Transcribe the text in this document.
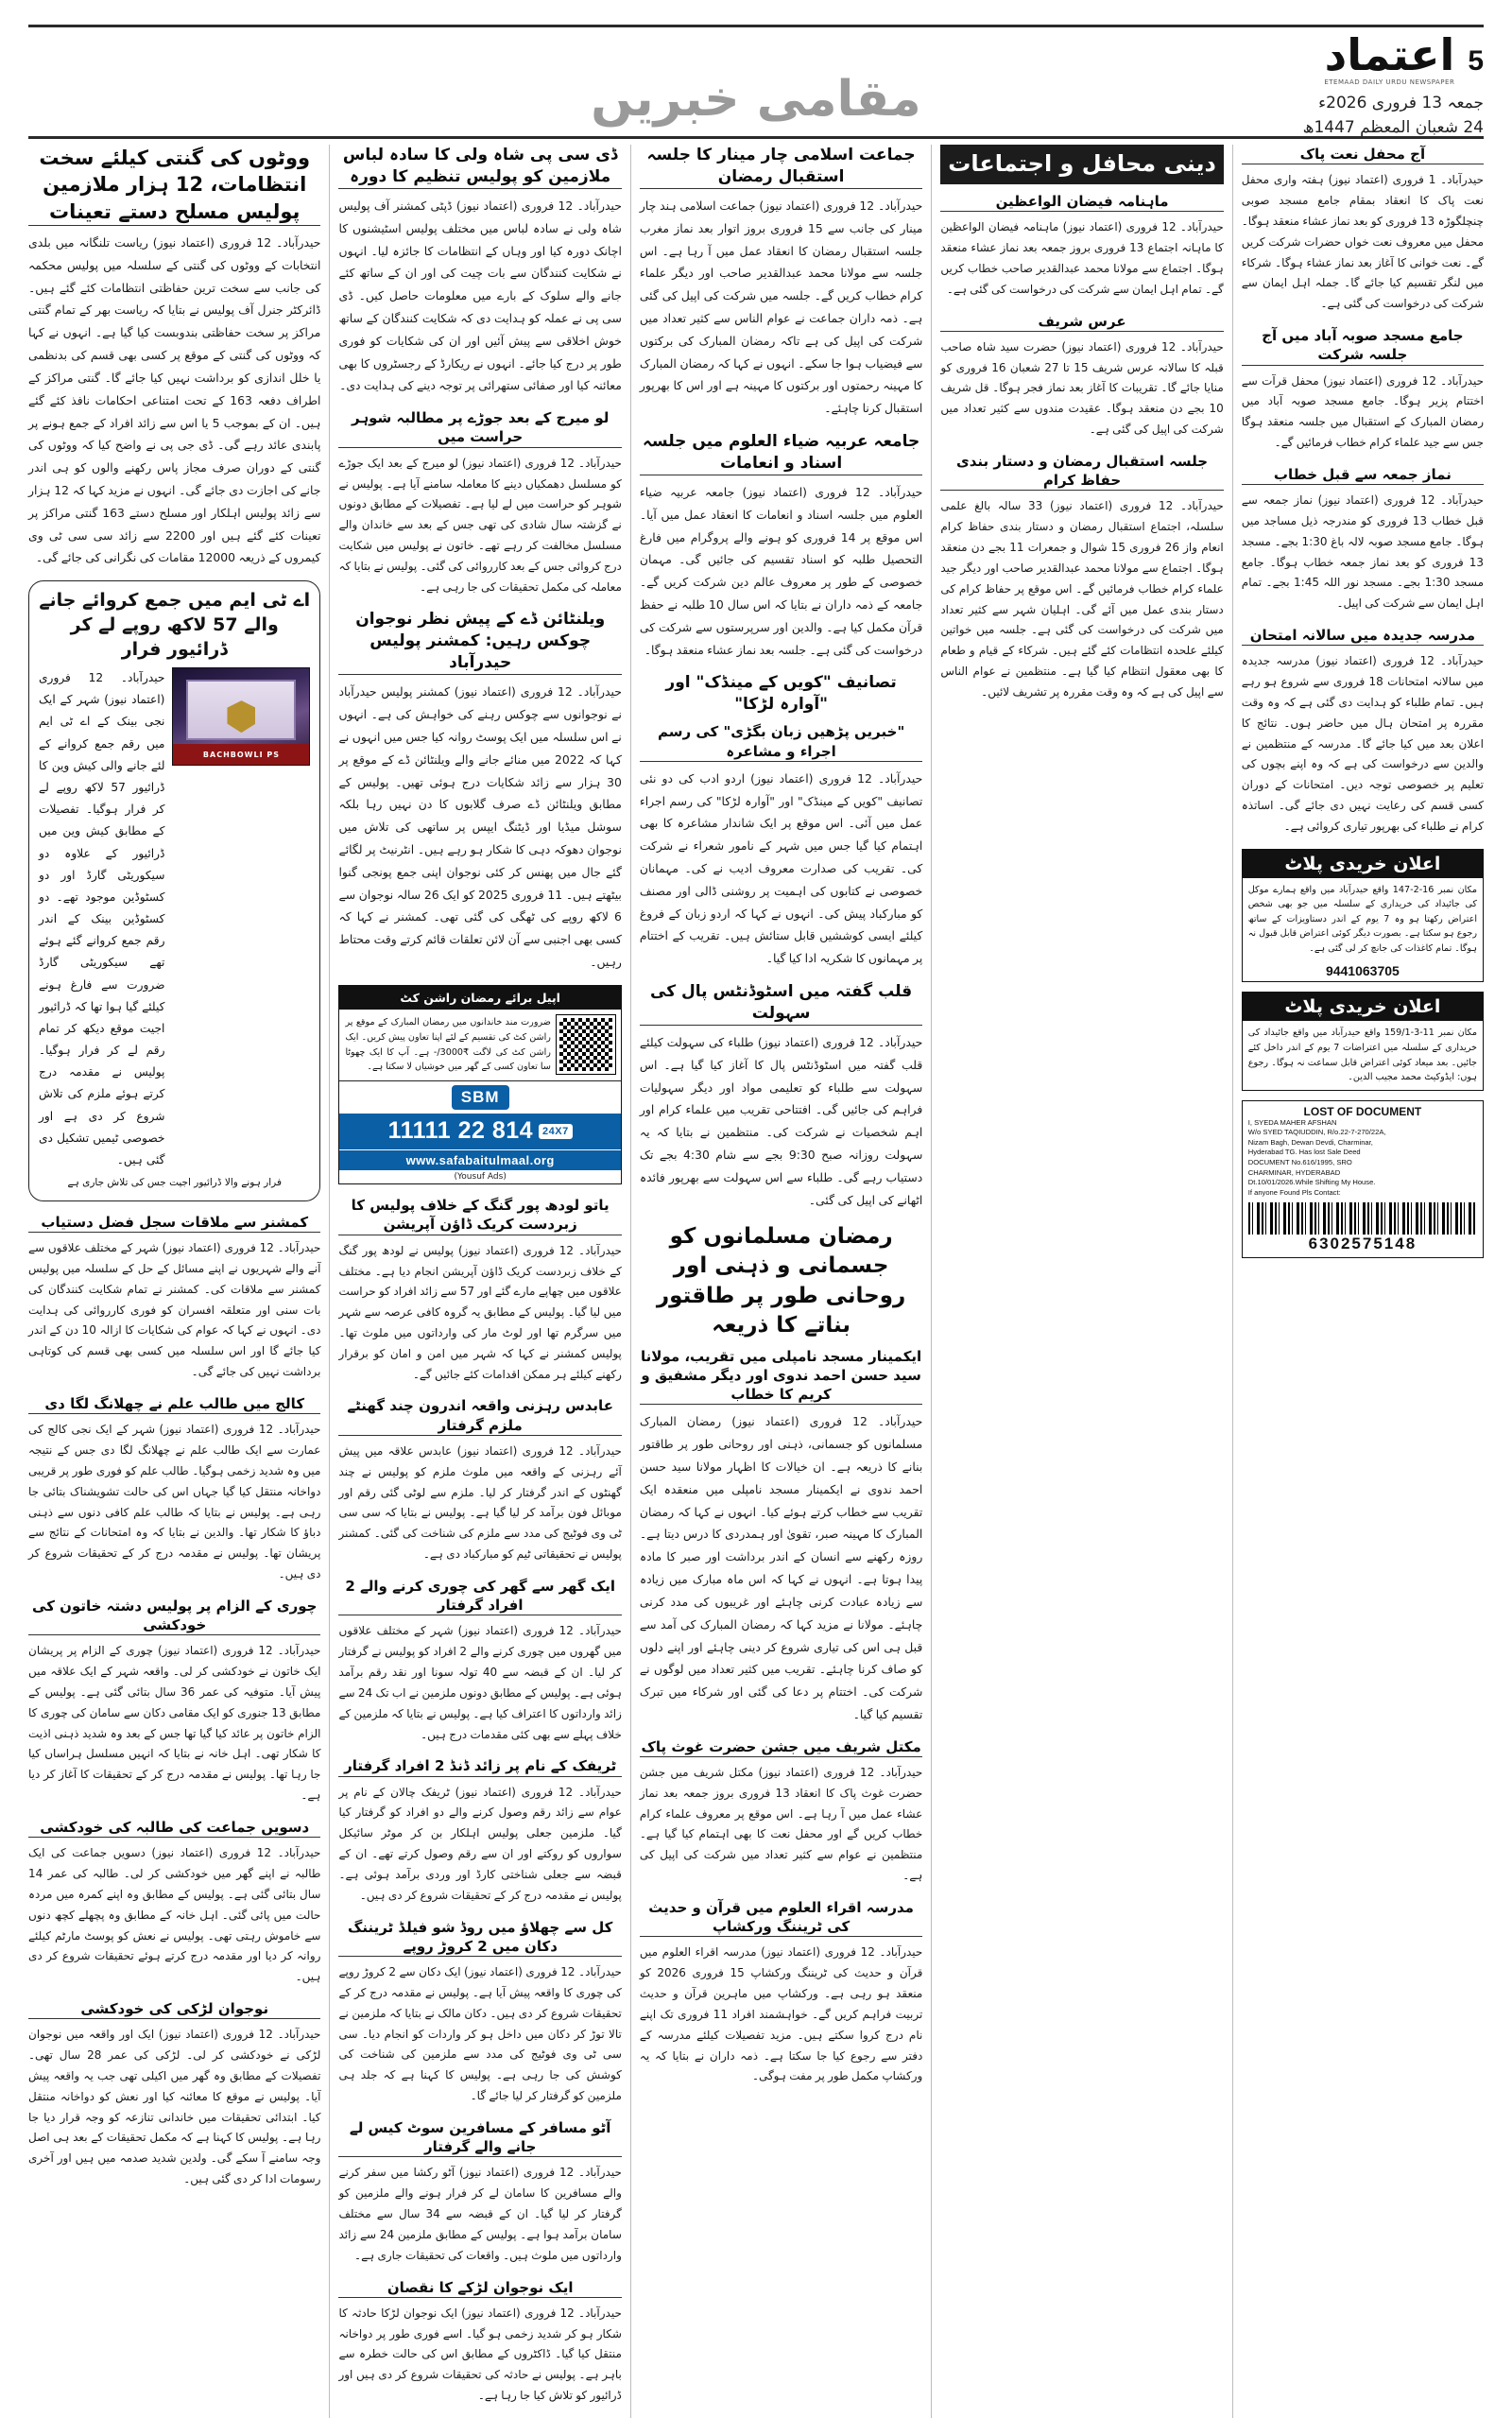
5
اعتماد
ETEMAAD DAILY URDU NEWSPAPER
جمعہ 13 فروری 2026ء
24 شعبان المعظم 1447ھ
مقامی خبریں
آج محفل نعت پاک
حیدرآباد۔ 1 فروری (اعتماد نیوز) ہفتہ واری محفل نعت پاک کا انعقاد بمقام جامع مسجد صوبی چنچلگوڑہ 13 فروری کو بعد نماز عشاء منعقد ہوگا۔ محفل میں معروف نعت خواں حضرات شرکت کریں گے۔ نعت خوانی کا آغاز بعد نماز عشاء ہوگا۔ شرکاء میں لنگر تقسیم کیا جائے گا۔ جملہ اہل ایمان سے شرکت کی درخواست کی گئی ہے۔
جامع مسجد صوبہ آباد میں آج جلسہ شرکت
حیدرآباد۔ 12 فروری (اعتماد نیوز) محفل قرآت سے اختتام پزیر ہوگا۔ جامع مسجد صوبہ آباد میں رمضان المبارک کے استقبال میں جلسہ منعقد ہوگا جس سے جید علماء کرام خطاب فرمائیں گے۔
نماز جمعہ سے قبل خطاب
حیدرآباد۔ 12 فروری (اعتماد نیوز) نماز جمعہ سے قبل خطاب 13 فروری کو مندرجہ ذیل مساجد میں ہوگا۔ جامع مسجد صوبہ لالہ باغ 1:30 بجے۔ مسجد 13 فروری کو بعد نماز جمعہ خطاب ہوگا۔ جامع مسجد 1:30 بجے۔ مسجد نور اللہ 1:45 بجے۔ تمام اہل ایمان سے شرکت کی اپیل۔
مدرسہ جدیدہ میں سالانہ امتحان
حیدرآباد۔ 12 فروری (اعتماد نیوز) مدرسہ جدیدہ میں سالانہ امتحانات 18 فروری سے شروع ہو رہے ہیں۔ تمام طلباء کو ہدایت دی گئی ہے کہ وہ وقت مقررہ پر امتحان ہال میں حاضر ہوں۔ نتائج کا اعلان بعد میں کیا جائے گا۔ مدرسہ کے منتظمین نے والدین سے درخواست کی ہے کہ وہ اپنے بچوں کی تعلیم پر خصوصی توجہ دیں۔ امتحانات کے دوران کسی قسم کی رعایت نہیں دی جائے گی۔ اساتذہ کرام نے طلباء کی بھرپور تیاری کروائی ہے۔
اعلان خریدی پلاٹ
مکان نمبر 16-2-147 واقع حیدرآباد میں واقع ہمارے موکل کی جائیداد کی خریداری کے سلسلہ میں جو بھی شخص اعتراض رکھتا ہو وہ 7 یوم کے اندر دستاویزات کے ساتھ رجوع ہو سکتا ہے۔ بصورت دیگر کوئی اعتراض قابل قبول نہ ہوگا۔ تمام کاغذات کی جانچ کر لی گئی ہے۔
9441063705
اعلان خریدی پلاٹ
مکان نمبر 11-3-159/1 واقع حیدرآباد میں واقع جائیداد کی خریداری کے سلسلہ میں اعتراضات 7 یوم کے اندر داخل کئے جائیں۔ بعد میعاد کوئی اعتراض قابل سماعت نہ ہوگا۔ رجوع ہوں: ایڈوکیٹ محمد مجیب الدین۔
LOST OF DOCUMENT
I, SYEDA MAHER AFSHAN
W/o SYED TAQIUDDIN, R/o.22-7-270/22A,
Nizam Bagh, Dewan Devdi, Charminar,
Hyderabad TG. Has lost Sale Deed
DOCUMENT No.616/1995, SRO
CHARMINAR, HYDERABAD
Dt.10/01/2026.While Shifting My House.
If anyone Found Pls Contact:
6302575148
دینی محافل و اجتماعات
ماہنامہ فیضان الواعظین
حیدرآباد۔ 12 فروری (اعتماد نیوز) ماہنامہ فیضان الواعظین کا ماہانہ اجتماع 13 فروری بروز جمعہ بعد نماز عشاء منعقد ہوگا۔ اجتماع سے مولانا محمد عبدالقدیر صاحب خطاب کریں گے۔ تمام اہل ایمان سے شرکت کی درخواست کی گئی ہے۔
عرس شریف
حیدرآباد۔ 12 فروری (اعتماد نیوز) حضرت سید شاہ صاحب قبلہ کا سالانہ عرس شریف 15 تا 27 شعبان 16 فروری کو منایا جائے گا۔ تقریبات کا آغاز بعد نماز فجر ہوگا۔ قل شریف 10 بجے دن منعقد ہوگا۔ عقیدت مندوں سے کثیر تعداد میں شرکت کی اپیل کی گئی ہے۔
جلسہ استقبال رمضان و دستار بندی حفاظ کرام
حیدرآباد۔ 12 فروری (اعتماد نیوز) 33 سالہ بالغ علمی سلسلہ، اجتماع استقبال رمضان و دستار بندی حفاظ کرام انعام واز 26 فروری 15 شوال و جمعرات 11 بجے دن منعقد ہوگا۔ اجتماع سے مولانا محمد عبدالقدیر صاحب اور دیگر جید علماء کرام خطاب فرمائیں گے۔ اس موقع پر حفاظ کرام کی دستار بندی عمل میں آئے گی۔ اہلیان شہر سے کثیر تعداد میں شرکت کی درخواست کی گئی ہے۔ جلسہ میں خواتین کیلئے علحدہ انتظامات کئے گئے ہیں۔ شرکاء کے قیام و طعام کا بھی معقول انتظام کیا گیا ہے۔ منتظمین نے عوام الناس سے اپیل کی ہے کہ وہ وقت مقررہ پر تشریف لائیں۔
جماعت اسلامی چار مینار کا جلسہ استقبال رمضان
حیدرآباد۔ 12 فروری (اعتماد نیوز) جماعت اسلامی ہند چار مینار کی جانب سے 15 فروری بروز اتوار بعد نماز مغرب جلسہ استقبال رمضان کا انعقاد عمل میں آ رہا ہے۔ اس جلسہ سے مولانا محمد عبدالقدیر صاحب اور دیگر علماء کرام خطاب کریں گے۔ جلسہ میں شرکت کی اپیل کی گئی ہے۔ ذمہ داران جماعت نے عوام الناس سے کثیر تعداد میں شرکت کی اپیل کی ہے تاکہ رمضان المبارک کی برکتوں سے فیضیاب ہوا جا سکے۔ انہوں نے کہا کہ رمضان المبارک کا مہینہ رحمتوں اور برکتوں کا مہینہ ہے اور اس کا بھرپور استقبال کرنا چاہئے۔
جامعہ عربیہ ضیاء العلوم میں جلسہ اسناد و انعامات
حیدرآباد۔ 12 فروری (اعتماد نیوز) جامعہ عربیہ ضیاء العلوم میں جلسہ اسناد و انعامات کا انعقاد عمل میں آیا۔ اس موقع پر 14 فروری کو ہونے والے پروگرام میں فارغ التحصیل طلبہ کو اسناد تقسیم کی جائیں گی۔ مہمان خصوصی کے طور پر معروف عالم دین شرکت کریں گے۔ جامعہ کے ذمہ داران نے بتایا کہ اس سال 10 طلبہ نے حفظ قرآن مکمل کیا ہے۔ والدین اور سرپرستوں سے شرکت کی درخواست کی گئی ہے۔ جلسہ بعد نماز عشاء منعقد ہوگا۔
تصانیف "کویں کے مینڈک" اور "آوارہ لڑکا"
"خبریں پڑھیں زبان بگڑی" کی رسم اجراء و مشاعرہ
حیدرآباد۔ 12 فروری (اعتماد نیوز) اردو ادب کی دو نئی تصانیف "کویں کے مینڈک" اور "آوارہ لڑکا" کی رسم اجراء عمل میں آئی۔ اس موقع پر ایک شاندار مشاعرہ کا بھی اہتمام کیا گیا جس میں شہر کے نامور شعراء نے شرکت کی۔ تقریب کی صدارت معروف ادیب نے کی۔ مہمانان خصوصی نے کتابوں کی اہمیت پر روشنی ڈالی اور مصنف کو مبارکباد پیش کی۔ انہوں نے کہا کہ اردو زبان کے فروغ کیلئے ایسی کوششیں قابل ستائش ہیں۔ تقریب کے اختتام پر مہمانوں کا شکریہ ادا کیا گیا۔
قلب گفتہ میں اسٹوڈنٹس پال کی سہولت
حیدرآباد۔ 12 فروری (اعتماد نیوز) طلباء کی سہولت کیلئے قلب گفتہ میں اسٹوڈنٹس پال کا آغاز کیا گیا ہے۔ اس سہولت سے طلباء کو تعلیمی مواد اور دیگر سہولیات فراہم کی جائیں گی۔ افتتاحی تقریب میں علماء کرام اور اہم شخصیات نے شرکت کی۔ منتظمین نے بتایا کہ یہ سہولت روزانہ صبح 9:30 بجے سے شام 4:30 بجے تک دستیاب رہے گی۔ طلباء سے اس سہولت سے بھرپور فائدہ اٹھانے کی اپیل کی گئی۔
رمضان مسلمانوں کو جسمانی و ذہنی اور روحانی طور پر طاقتور بناتے کا ذریعہ
ایکمینار مسجد نامپلی میں تقریب، مولانا سید حسن احمد ندوی اور دیگر مشفیق و کریم کا خطاب
حیدرآباد۔ 12 فروری (اعتماد نیوز) رمضان المبارک مسلمانوں کو جسمانی، ذہنی اور روحانی طور پر طاقتور بنانے کا ذریعہ ہے۔ ان خیالات کا اظہار مولانا سید حسن احمد ندوی نے ایکمینار مسجد نامپلی میں منعقدہ ایک تقریب سے خطاب کرتے ہوئے کیا۔ انہوں نے کہا کہ رمضان المبارک کا مہینہ صبر، تقویٰ اور ہمدردی کا درس دیتا ہے۔ روزہ رکھنے سے انسان کے اندر برداشت اور صبر کا مادہ پیدا ہوتا ہے۔ انہوں نے کہا کہ اس ماہ مبارک میں زیادہ سے زیادہ عبادت کرنی چاہئے اور غریبوں کی مدد کرنی چاہئے۔ مولانا نے مزید کہا کہ رمضان المبارک کی آمد سے قبل ہی اس کی تیاری شروع کر دینی چاہئے اور اپنے دلوں کو صاف کرنا چاہئے۔ تقریب میں کثیر تعداد میں لوگوں نے شرکت کی۔ اختتام پر دعا کی گئی اور شرکاء میں تبرک تقسیم کیا گیا۔
مکتل شریف میں جشن حضرت غوث پاک
حیدرآباد۔ 12 فروری (اعتماد نیوز) مکتل شریف میں جشن حضرت غوث پاک کا انعقاد 13 فروری بروز جمعہ بعد نماز عشاء عمل میں آ رہا ہے۔ اس موقع پر معروف علماء کرام خطاب کریں گے اور محفل نعت کا بھی اہتمام کیا گیا ہے۔ منتظمین نے عوام سے کثیر تعداد میں شرکت کی اپیل کی ہے۔
مدرسہ اقراء العلوم میں قرآن و حدیث کی ٹریننگ ورکشاپ
حیدرآباد۔ 12 فروری (اعتماد نیوز) مدرسہ اقراء العلوم میں قرآن و حدیث کی ٹریننگ ورکشاپ 15 فروری 2026 کو منعقد ہو رہی ہے۔ ورکشاپ میں ماہرین قرآن و حدیث تربیت فراہم کریں گے۔ خواہشمند افراد 11 فروری تک اپنے نام درج کروا سکتے ہیں۔ مزید تفصیلات کیلئے مدرسہ کے دفتر سے رجوع کیا جا سکتا ہے۔ ذمہ داران نے بتایا کہ یہ ورکشاپ مکمل طور پر مفت ہوگی۔
ڈی سی پی شاہ ولی کا سادہ لباس ملازمین کو پولیس تنظیم کا دورہ
حیدرآباد۔ 12 فروری (اعتماد نیوز) ڈپٹی کمشنر آف پولیس شاہ ولی نے سادہ لباس میں مختلف پولیس اسٹیشنوں کا اچانک دورہ کیا اور وہاں کے انتظامات کا جائزہ لیا۔ انہوں نے شکایت کنندگان سے بات چیت کی اور ان کے ساتھ کئے جانے والے سلوک کے بارے میں معلومات حاصل کیں۔ ڈی سی پی نے عملہ کو ہدایت دی کہ شکایت کنندگان کے ساتھ خوش اخلاقی سے پیش آئیں اور ان کی شکایات کو فوری طور پر درج کیا جائے۔ انہوں نے ریکارڈ کے رجسٹروں کا بھی معائنہ کیا اور صفائی ستھرائی پر توجہ دینے کی ہدایت دی۔
لو میرج کے بعد جوڑے پر مطالبہ شوہر حراست میں
حیدرآباد۔ 12 فروری (اعتماد نیوز) لو میرج کے بعد ایک جوڑے کو مسلسل دھمکیاں دینے کا معاملہ سامنے آیا ہے۔ پولیس نے شوہر کو حراست میں لے لیا ہے۔ تفصیلات کے مطابق دونوں نے گزشتہ سال شادی کی تھی جس کے بعد سے خاندان والے مسلسل مخالفت کر رہے تھے۔ خاتون نے پولیس میں شکایت درج کروائی جس کے بعد کارروائی کی گئی۔ پولیس نے بتایا کہ معاملہ کی مکمل تحقیقات کی جا رہی ہے۔
ویلنٹائن ڈے کے پیش نظر نوجوان چوکس رہیں: کمشنر پولیس حیدرآباد
حیدرآباد۔ 12 فروری (اعتماد نیوز) کمشنر پولیس حیدرآباد نے نوجوانوں سے چوکس رہنے کی خواہش کی ہے۔ انہوں نے اس سلسلہ میں ایک پوسٹ روانہ کیا جس میں انہوں نے کہا کہ 2022 میں منائے جانے والے ویلنٹائن ڈے کے موقع پر 30 ہزار سے زائد شکایات درج ہوئی تھیں۔ پولیس کے مطابق ویلنٹائن ڈے صرف گلابوں کا دن نہیں رہا بلکہ سوشل میڈیا اور ڈیٹنگ ایپس پر ساتھی کی تلاش میں نوجوان دھوکہ دہی کا شکار ہو رہے ہیں۔ انٹرنیٹ پر لگائے گئے جال میں پھنس کر کئی نوجوان اپنی جمع پونجی گنوا بیٹھتے ہیں۔ 11 فروری 2025 کو ایک 26 سالہ نوجوان سے 6 لاکھ روپے کی ٹھگی کی گئی تھی۔ کمشنر نے کہا کہ کسی بھی اجنبی سے آن لائن تعلقات قائم کرتے وقت محتاط رہیں۔
اپیل برائے رمضان راشن کٹ
ضرورت مند خاندانوں میں رمضان المبارک کے موقع پر راشن کٹ کی تقسیم کے لئے اپنا تعاون پیش کریں۔ ایک راشن کٹ کی لاگت ₹3000/- ہے۔ آپ کا ایک چھوٹا سا تعاون کسی کے گھر میں خوشیاں لا سکتا ہے۔
SBM
24X7
814 22 11111
www.safabaitulmaal.org
(Yousuf Ads)
یاتو لودھ پور گنگ کے خلاف پولیس کا زبردست کریک ڈاؤن آپریشن
حیدرآباد۔ 12 فروری (اعتماد نیوز) پولیس نے لودھ پور گنگ کے خلاف زبردست کریک ڈاؤن آپریشن انجام دیا ہے۔ مختلف علاقوں میں چھاپے مارے گئے اور 57 سے زائد افراد کو حراست میں لیا گیا۔ پولیس کے مطابق یہ گروہ کافی عرصہ سے شہر میں سرگرم تھا اور لوٹ مار کی وارداتوں میں ملوث تھا۔ پولیس کمشنر نے کہا کہ شہر میں امن و امان کو برقرار رکھنے کیلئے ہر ممکن اقدامات کئے جائیں گے۔
عابدس رہزنی واقعہ اندرون چند گھنٹے ملزم گرفتار
حیدرآباد۔ 12 فروری (اعتماد نیوز) عابدس علاقہ میں پیش آئے رہزنی کے واقعہ میں ملوث ملزم کو پولیس نے چند گھنٹوں کے اندر گرفتار کر لیا۔ ملزم سے لوٹی گئی رقم اور موبائل فون برآمد کر لیا گیا ہے۔ پولیس نے بتایا کہ سی سی ٹی وی فوٹیج کی مدد سے ملزم کی شناخت کی گئی۔ کمشنر پولیس نے تحقیقاتی ٹیم کو مبارکباد دی ہے۔
ایک گھر سے گھر کی چوری کرنے والے 2 افراد گرفتار
حیدرآباد۔ 12 فروری (اعتماد نیوز) شہر کے مختلف علاقوں میں گھروں میں چوری کرنے والے 2 افراد کو پولیس نے گرفتار کر لیا۔ ان کے قبضہ سے 40 تولہ سونا اور نقد رقم برآمد ہوئی ہے۔ پولیس کے مطابق دونوں ملزمین نے اب تک 24 سے زائد وارداتوں کا اعتراف کیا ہے۔ پولیس نے بتایا کہ ملزمین کے خلاف پہلے سے بھی کئی مقدمات درج ہیں۔
ٹریفک کے نام پر زائد ڈنڈ 2 افراد گرفتار
حیدرآباد۔ 12 فروری (اعتماد نیوز) ٹریفک چالان کے نام پر عوام سے زائد رقم وصول کرنے والے دو افراد کو گرفتار کیا گیا۔ ملزمین جعلی پولیس اہلکار بن کر موٹر سائیکل سواروں کو روکتے اور ان سے رقم وصول کرتے تھے۔ ان کے قبضہ سے جعلی شناختی کارڈ اور وردی برآمد ہوئی ہے۔ پولیس نے مقدمہ درج کر کے تحقیقات شروع کر دی ہیں۔
کل سے چھلاؤ میں روڈ شو فیلڈ ٹریننگ دکان میں 2 کروڑ روپے
حیدرآباد۔ 12 فروری (اعتماد نیوز) ایک دکان سے 2 کروڑ روپے کی چوری کا واقعہ پیش آیا ہے۔ پولیس نے مقدمہ درج کر کے تحقیقات شروع کر دی ہیں۔ دکان مالک نے بتایا کہ ملزمین نے تالا توڑ کر دکان میں داخل ہو کر واردات کو انجام دیا۔ سی سی ٹی وی فوٹیج کی مدد سے ملزمین کی شناخت کی کوشش کی جا رہی ہے۔ پولیس کا کہنا ہے کہ جلد ہی ملزمین کو گرفتار کر لیا جائے گا۔
آٹو مسافر کے مسافرین سوٹ کیس لے جانے والے گرفتار
حیدرآباد۔ 12 فروری (اعتماد نیوز) آٹو رکشا میں سفر کرنے والے مسافرین کا سامان لے کر فرار ہونے والے ملزمین کو گرفتار کر لیا گیا۔ ان کے قبضہ سے 34 سال سے مختلف سامان برآمد ہوا ہے۔ پولیس کے مطابق ملزمین 24 سے زائد وارداتوں میں ملوث ہیں۔ واقعات کی تحقیقات جاری ہے۔
ایک نوجوان لڑکے کا نقصان
حیدرآباد۔ 12 فروری (اعتماد نیوز) ایک نوجوان لڑکا حادثہ کا شکار ہو کر شدید زخمی ہو گیا۔ اسے فوری طور پر دواخانہ منتقل کیا گیا۔ ڈاکٹروں کے مطابق اس کی حالت خطرہ سے باہر ہے۔ پولیس نے حادثہ کی تحقیقات شروع کر دی ہیں اور ڈرائیور کو تلاش کیا جا رہا ہے۔
ووٹوں کی گنتی کیلئے سخت انتظامات، 12 ہزار ملازمین پولیس مسلح دستے تعینات
حیدرآباد۔ 12 فروری (اعتماد نیوز) ریاست تلنگانہ میں بلدی انتخابات کے ووٹوں کی گنتی کے سلسلہ میں پولیس محکمہ کی جانب سے سخت ترین حفاظتی انتظامات کئے گئے ہیں۔ ڈائرکٹر جنرل آف پولیس نے بتایا کہ ریاست بھر کے تمام گنتی مراکز پر سخت حفاظتی بندوبست کیا گیا ہے۔ انہوں نے کہا کہ ووٹوں کی گنتی کے موقع پر کسی بھی قسم کی بدنظمی یا خلل اندازی کو برداشت نہیں کیا جائے گا۔ گنتی مراکز کے اطراف دفعہ 163 کے تحت امتناعی احکامات نافذ کئے گئے ہیں۔ ان کے بموجب 5 یا اس سے زائد افراد کے جمع ہونے پر پابندی عائد رہے گی۔ ڈی جی پی نے واضح کیا کہ ووٹوں کی گنتی کے دوران صرف مجاز پاس رکھنے والوں کو ہی اندر جانے کی اجازت دی جائے گی۔ انہوں نے مزید کہا کہ 12 ہزار سے زائد پولیس اہلکار اور مسلح دستے 163 گنتی مراکز پر تعینات کئے گئے ہیں اور 2200 سے زائد سی سی ٹی وی کیمروں کے ذریعہ 12000 مقامات کی نگرانی کی جائے گی۔
اے ٹی ایم میں جمع کروائے جانے والے 57 لاکھ روپے لے کر ڈرائیور فرار
BACHBOWLI PS
حیدرآباد۔ 12 فروری (اعتماد نیوز) شہر کے ایک نجی بینک کے اے ٹی ایم میں رقم جمع کروانے کے لئے جانے والی کیش وین کا ڈرائیور 57 لاکھ روپے لے کر فرار ہوگیا۔ تفصیلات کے مطابق کیش وین میں ڈرائیور کے علاوہ دو سیکوریٹی گارڈ اور دو کسٹوڈین موجود تھے۔ دو کسٹوڈین بینک کے اندر رقم جمع کروانے گئے ہوئے تھے سیکوریٹی گارڈ ضرورت سے فارغ ہونے کیلئے گیا ہوا تھا کہ ڈرائیور اجیت موقع دیکھ کر تمام رقم لے کر فرار ہوگیا۔ پولیس نے مقدمہ درج کرتے ہوئے ملزم کی تلاش شروع کر دی ہے اور خصوصی ٹیمیں تشکیل دی گئی ہیں۔
فرار ہونے والا ڈرائیور اجیت جس کی تلاش جاری ہے
کمشنر سے ملاقات سجل فضل دستیاب
حیدرآباد۔ 12 فروری (اعتماد نیوز) شہر کے مختلف علاقوں سے آنے والے شہریوں نے اپنے مسائل کے حل کے سلسلہ میں پولیس کمشنر سے ملاقات کی۔ کمشنر نے تمام شکایت کنندگان کی بات سنی اور متعلقہ افسران کو فوری کارروائی کی ہدایت دی۔ انہوں نے کہا کہ عوام کی شکایات کا ازالہ 10 دن کے اندر کیا جائے گا اور اس سلسلہ میں کسی بھی قسم کی کوتاہی برداشت نہیں کی جائے گی۔
کالج میں طالب علم نے چھلانگ لگا دی
حیدرآباد۔ 12 فروری (اعتماد نیوز) شہر کے ایک نجی کالج کی عمارت سے ایک طالب علم نے چھلانگ لگا دی جس کے نتیجہ میں وہ شدید زخمی ہوگیا۔ طالب علم کو فوری طور پر قریبی دواخانہ منتقل کیا گیا جہاں اس کی حالت تشویشناک بتائی جا رہی ہے۔ پولیس نے بتایا کہ طالب علم کافی دنوں سے ذہنی دباؤ کا شکار تھا۔ والدین نے بتایا کہ وہ امتحانات کے نتائج سے پریشان تھا۔ پولیس نے مقدمہ درج کر کے تحقیقات شروع کر دی ہیں۔
چوری کے الزام پر پولیس دشتہ خاتون کی خودکشی
حیدرآباد۔ 12 فروری (اعتماد نیوز) چوری کے الزام پر پریشان ایک خاتون نے خودکشی کر لی۔ واقعہ شہر کے ایک علاقہ میں پیش آیا۔ متوفیہ کی عمر 36 سال بتائی گئی ہے۔ پولیس کے مطابق 13 جنوری کو ایک مقامی دکان سے سامان کی چوری کا الزام خاتون پر عائد کیا گیا تھا جس کے بعد وہ شدید ذہنی اذیت کا شکار تھی۔ اہل خانہ نے بتایا کہ انہیں مسلسل ہراساں کیا جا رہا تھا۔ پولیس نے مقدمہ درج کر کے تحقیقات کا آغاز کر دیا ہے۔
دسویں جماعت کی طالبہ کی خودکشی
حیدرآباد۔ 12 فروری (اعتماد نیوز) دسویں جماعت کی ایک طالبہ نے اپنے گھر میں خودکشی کر لی۔ طالبہ کی عمر 14 سال بتائی گئی ہے۔ پولیس کے مطابق وہ اپنے کمرہ میں مردہ حالت میں پائی گئی۔ اہل خانہ کے مطابق وہ پچھلے کچھ دنوں سے خاموش رہتی تھی۔ پولیس نے نعش کو پوسٹ مارٹم کیلئے روانہ کر دیا اور مقدمہ درج کرتے ہوئے تحقیقات شروع کر دی ہیں۔
نوجوان لڑکی کی خودکشی
حیدرآباد۔ 12 فروری (اعتماد نیوز) ایک اور واقعہ میں نوجوان لڑکی نے خودکشی کر لی۔ لڑکی کی عمر 28 سال تھی۔ تفصیلات کے مطابق وہ گھر میں اکیلی تھی جب یہ واقعہ پیش آیا۔ پولیس نے موقع کا معائنہ کیا اور نعش کو دواخانہ منتقل کیا۔ ابتدائی تحقیقات میں خاندانی تنازعہ کو وجہ قرار دیا جا رہا ہے۔ پولیس کا کہنا ہے کہ مکمل تحقیقات کے بعد ہی اصل وجہ سامنے آ سکے گی۔ ولدین شدید صدمہ میں ہیں اور آخری رسومات ادا کر دی گئی ہیں۔
